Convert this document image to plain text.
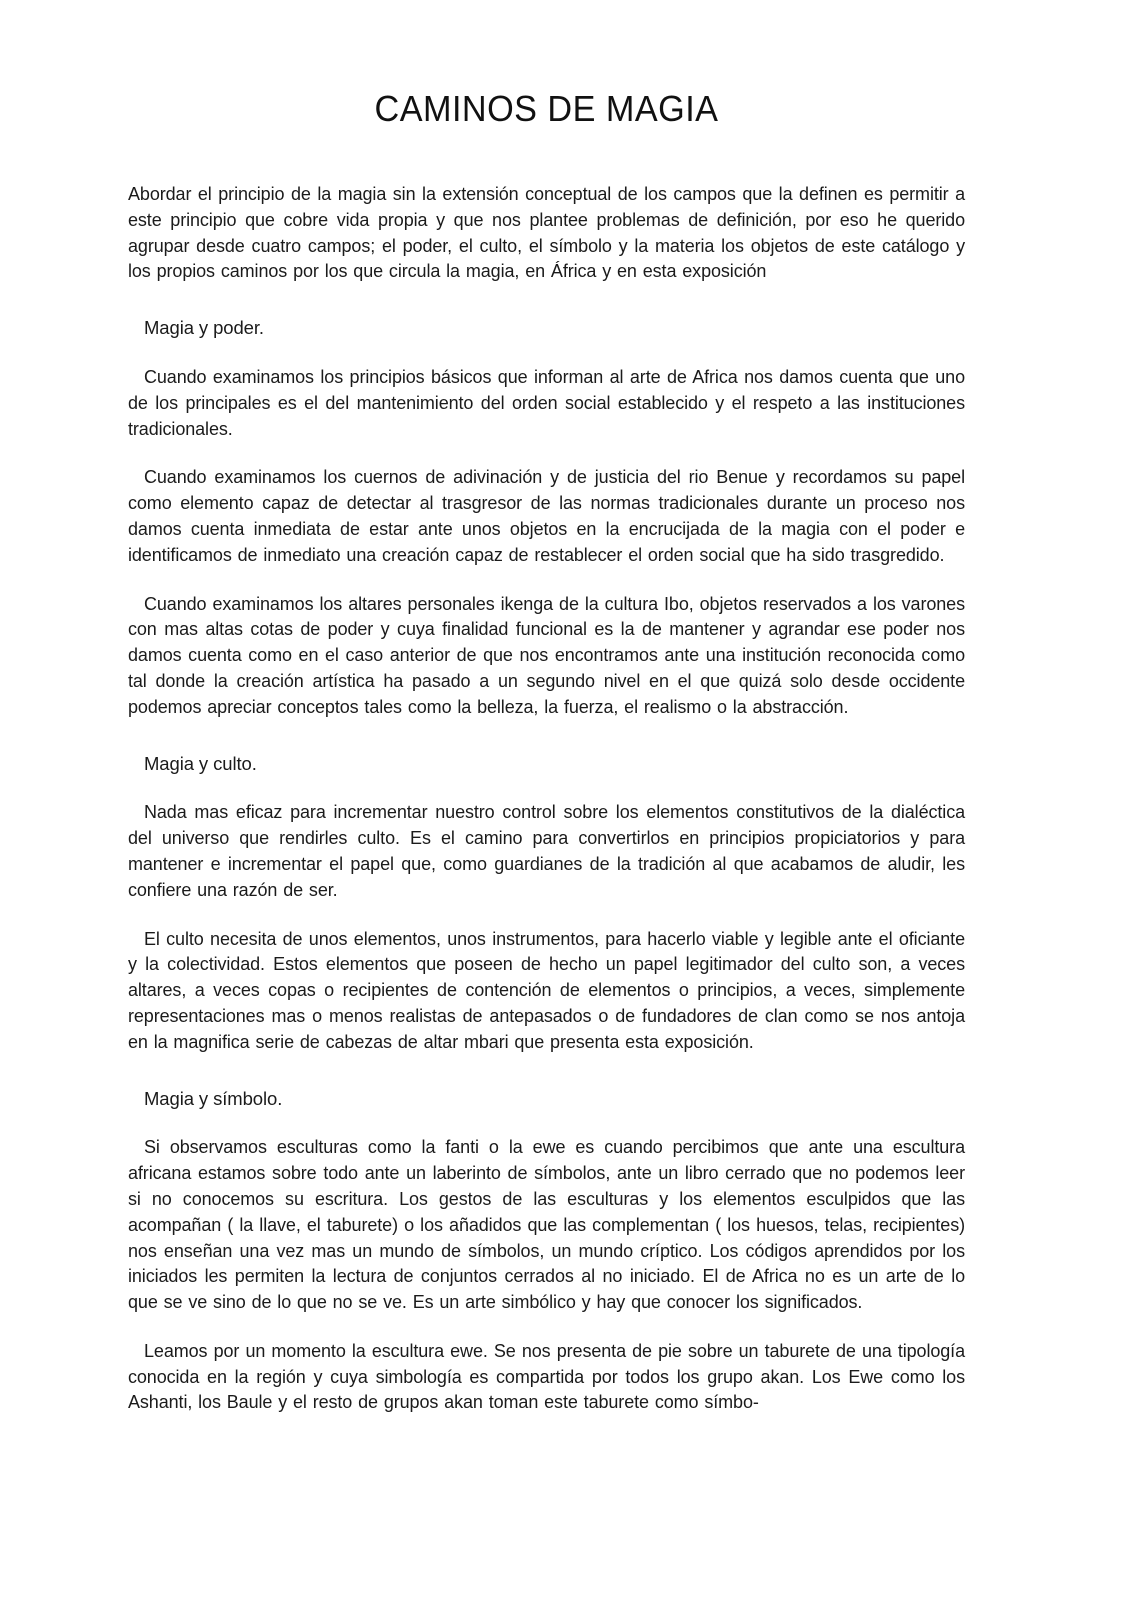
CAMINOS DE MAGIA

Abordar el principio de la magia sin la extensión conceptual de los campos que la definen es permitir a este principio que cobre vida propia y que nos plantee problemas de definición, por eso he querido agrupar desde cuatro campos; el poder, el culto, el símbolo y la materia los objetos de este catálogo y los propios caminos por los que circula la magia, en África y en esta exposición

Magia y poder.

Cuando examinamos los principios básicos que informan al arte de Africa nos damos cuenta que uno de los principales es el del mantenimiento del orden social establecido y el respeto a las instituciones tradicionales.

Cuando examinamos los cuernos de adivinación y de justicia del rio Benue y recordamos su papel como elemento capaz de detectar al trasgresor de las normas tradicionales durante un proceso nos damos cuenta inmediata de estar ante unos objetos en la encrucijada de la magia con el poder e identificamos de inmediato una creación capaz de restablecer el orden social que ha sido trasgredido.

Cuando examinamos los altares personales ikenga de la cultura Ibo, objetos reservados a los varones con mas altas cotas de poder y cuya finalidad funcional es la de mantener y agrandar ese poder nos damos cuenta como en el caso anterior de que nos encontramos ante una institución reconocida como tal donde la creación artística ha pasado a un segundo nivel en el que quizá solo desde occidente podemos apreciar conceptos tales como la belleza, la fuerza, el realismo o la abstracción.

Magia y culto.

Nada mas eficaz para incrementar nuestro control sobre los elementos constitutivos de la dialéctica del universo que rendirles culto. Es el camino para convertirlos en principios propiciatorios y para mantener e incrementar el papel que, como guardianes de la tradición al que acabamos de aludir, les confiere una razón de ser.

El culto necesita de unos elementos, unos instrumentos, para hacerlo viable y legible ante el oficiante y la colectividad. Estos elementos que poseen de hecho un papel legitimador del culto son, a veces altares, a veces copas o recipientes de contención de elementos o principios, a veces, simplemente representaciones mas o menos realistas de antepasados o de fundadores de clan como se nos antoja en la magnifica serie de cabezas de altar mbari que presenta esta exposición.

Magia y símbolo.

Si observamos esculturas como la fanti o la ewe es cuando percibimos que ante una escultura africana estamos sobre todo ante un laberinto de símbolos, ante un libro cerrado que no podemos leer si no conocemos su escritura. Los gestos de las esculturas y los elementos esculpidos que las acompañan ( la llave, el taburete) o los añadidos que las complementan ( los huesos, telas, recipientes) nos enseñan una vez mas un mundo de símbolos, un mundo críptico. Los códigos aprendidos por los iniciados les permiten la lectura de conjuntos cerrados al no iniciado. El de Africa no es un arte de lo que se ve sino de lo que no se ve. Es un arte simbólico y hay que conocer los significados.

Leamos por un momento la escultura ewe. Se nos presenta de pie sobre un taburete de una tipología conocida en la región y cuya simbología es compartida por todos los grupo akan. Los Ewe como los Ashanti, los Baule y el resto de grupos akan toman este taburete como símbo-
